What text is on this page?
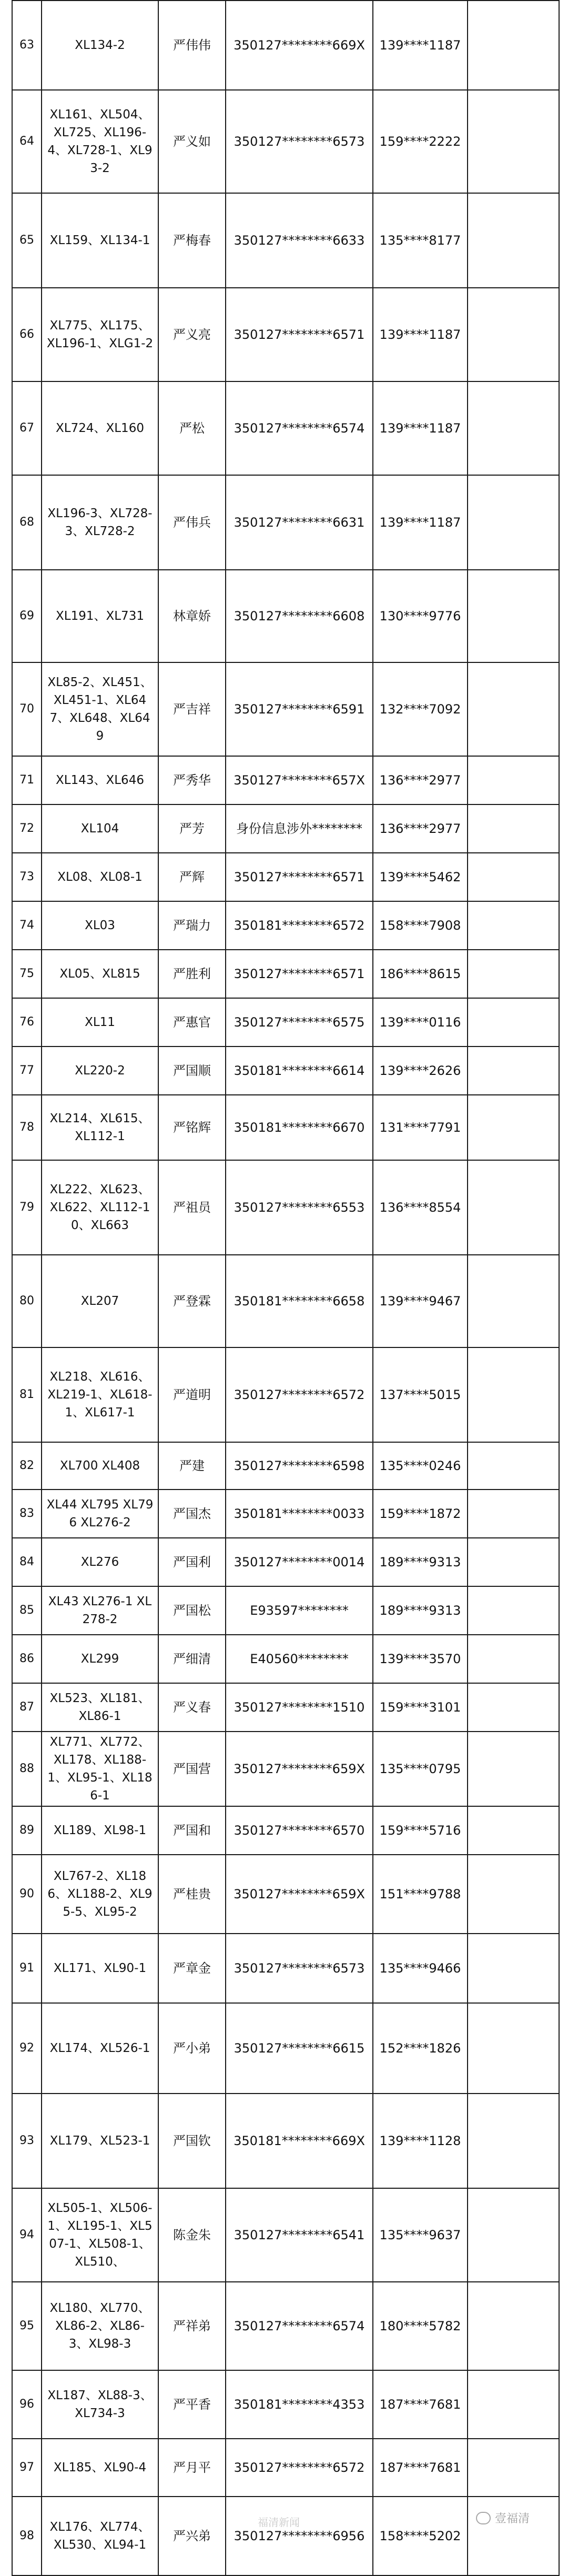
63	XL134-2	严伟伟	350127********669X	139****1187	
64	XL161、XL504、XL725、XL196-4、XL728-1、XL93-2	严义如	350127********6573	159****2222	
65	XL159、XL134-1	严梅春	350127********6633	135****8177	
66	XL775、XL175、XL196-1、XLG1-2	严义亮	350127********6571	139****1187	
67	XL724、XL160	严松	350127********6574	139****1187	
68	XL196-3、XL728-3、XL728-2	严伟兵	350127********6631	139****1187	
69	XL191、XL731	林章娇	350127********6608	130****9776	
70	XL85-2、XL451、XL451-1、XL647、XL648、XL649	严吉祥	350127********6591	132****7092	
71	XL143、XL646	严秀华	350127********657X	136****2977	
72	XL104	严芳	身份信息涉外********	136****2977	
73	XL08、XL08-1	严辉	350127********6571	139****5462	
74	XL03	严瑞力	350181********6572	158****7908	
75	XL05、XL815	严胜利	350127********6571	186****8615	
76	XL11	严惠官	350127********6575	139****0116	
77	XL220-2	严国顺	350181********6614	139****2626	
78	XL214、XL615、XL112-1	严铭辉	350181********6670	131****7791	
79	XL222、XL623、XL622、XL112-10、XL663	严祖员	350127********6553	136****8554	
80	XL207	严登霖	350181********6658	139****9467	
81	XL218、XL616、XL219-1、XL618-1、XL617-1	严道明	350127********6572	137****5015	
82	XL700 XL408	严建	350127********6598	135****0246	
83	XL44 XL795 XL796 XL276-2	严国杰	350181********0033	159****1872	
84	XL276	严国利	350127********0014	189****9313	
85	XL43 XL276-1 XL278-2	严国松	E93597********	189****9313	
86	XL299	严细清	E40560********	139****3570	
87	XL523、XL181、XL86-1	严义春	350127********1510	159****3101	
88	XL771、XL772、XL178、XL188-1、XL95-1、XL186-1	严国营	350127********659X	135****0795	
89	XL189、XL98-1	严国和	350127********6570	159****5716	
90	XL767-2、XL186、XL188-2、XL95-5、XL95-2	严桂贵	350127********659X	151****9788	
91	XL171、XL90-1	严章金	350127********6573	135****9466	
92	XL174、XL526-1	严小弟	350127********6615	152****1826	
93	XL179、XL523-1	严国钦	350181********669X	139****1128	
94	XL505-1、XL506-1、XL195-1、XL507-1、XL508-1、XL510、	陈金朱	350127********6541	135****9637	
95	XL180、XL770、XL86-2、XL86-3、XL98-3	严祥弟	350127********6574	180****5782	
96	XL187、XL88-3、XL734-3	严平香	350181********4353	187****7681	
97	XL185、XL90-4	严月平	350127********6572	187****7681	
98	XL176、XL774、XL530、XL94-1	严兴弟	350127********6956	158****5202	
壹福清
福清新闻
